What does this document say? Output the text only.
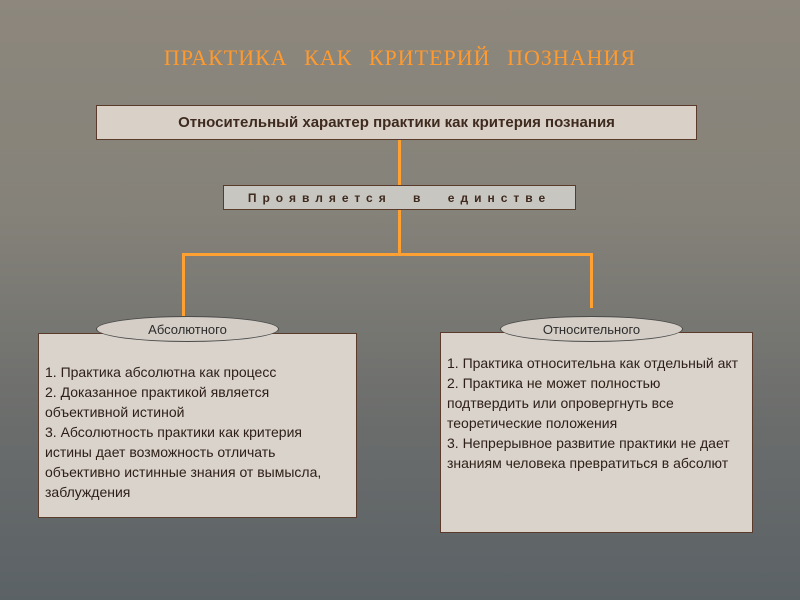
ПРАКТИКА КАК КРИТЕРИЙ ПОЗНАНИЯ
Относительный характер практики как критерия познания
Проявляется в единстве
1. Практика абсолютна как процесс
2. Доказанное практикой является объективной истиной
3. Абсолютность практики как критерия истины дает возможность отличать объективно истинные знания от вымысла, заблуждения
Абсолютного
1. Практика относительна как отдельный акт
2. Практика не может полностью подтвердить или опровергнуть все теоретические положения
3. Непрерывное развитие практики не дает знаниям человека превратиться в абсолют
Относительного
